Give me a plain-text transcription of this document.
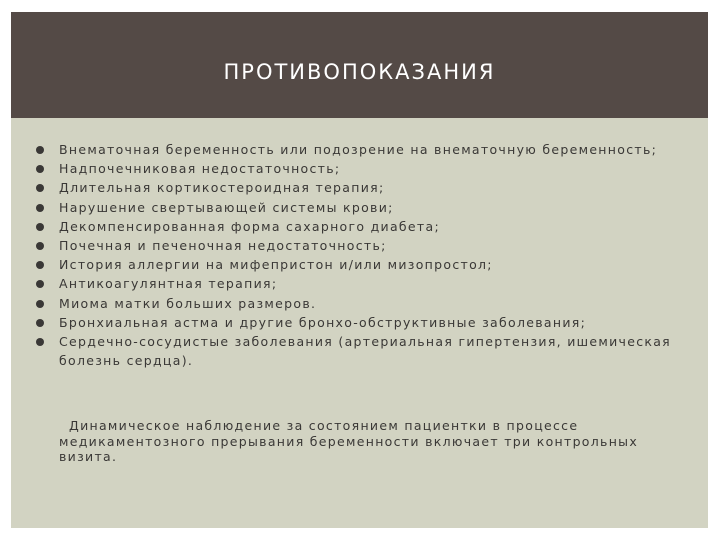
ПРОТИВОПОКАЗАНИЯ
Внематочная беременность или подозрение на внематочную беременность;
Надпочечниковая недостаточность;
Длительная кортикостероидная терапия;
Нарушение свертывающей системы крови;
Декомпенсированная форма сахарного диабета;
Почечная и печеночная недостаточность;
История аллергии на мифепристон и/или мизопростол;
Антикоагулянтная терапия;
Миома матки больших размеров.
Бронхиальная астма и другие бронхо-обструктивные заболевания;
Сердечно-сосудистые заболевания (артериальная гипертензия, ишемическая болезнь сердца).
Динамическое наблюдение за состоянием пациентки в процессе медикаментозного прерывания беременности включает три контрольных визита.
